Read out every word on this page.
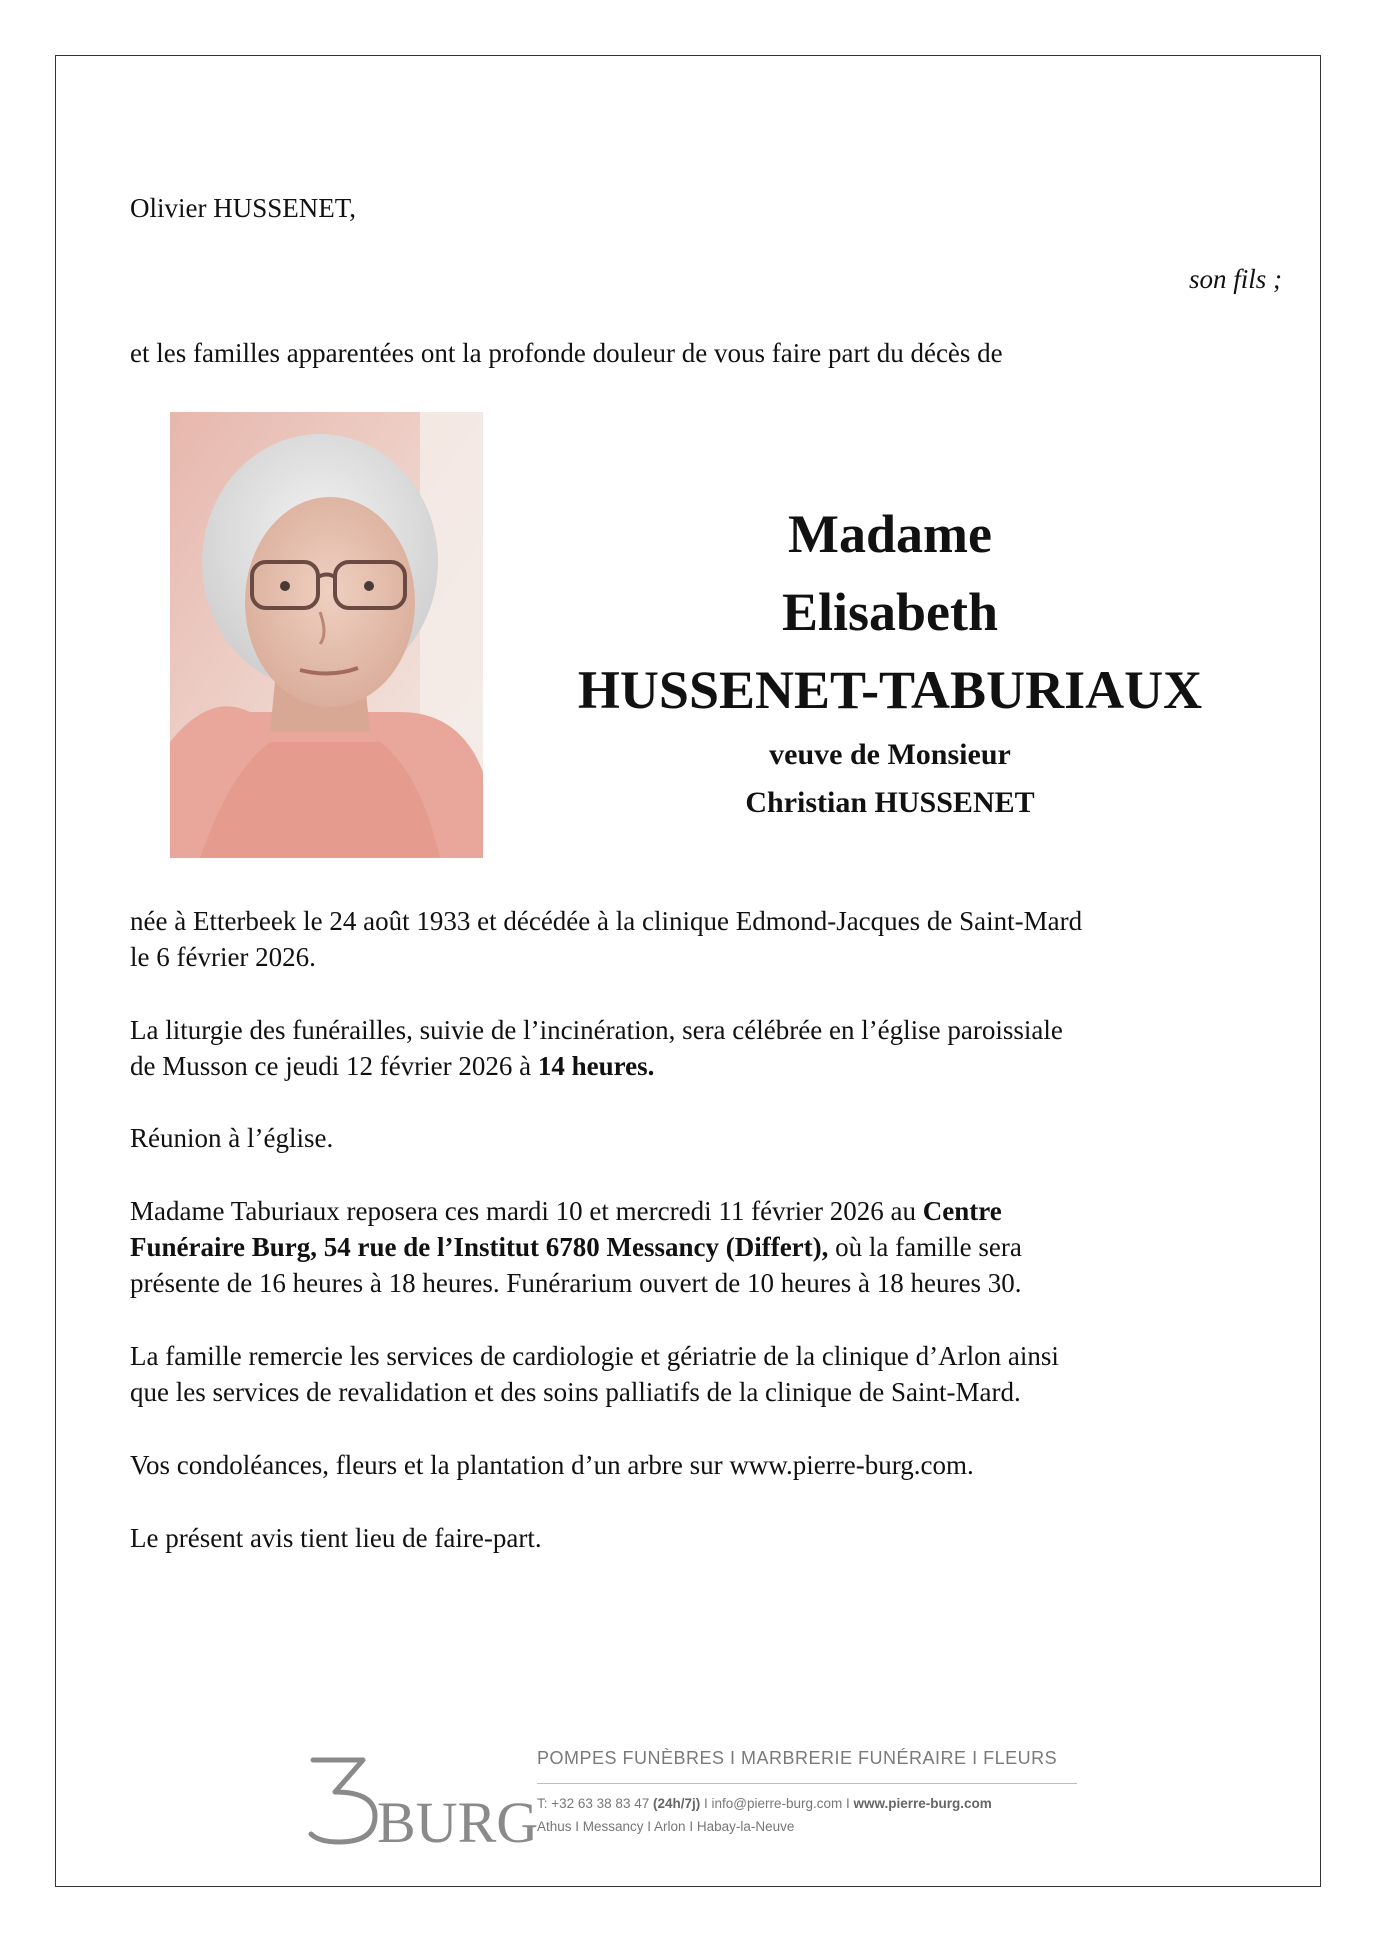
Olivier HUSSENET,

son fils ;

et les familles apparentées ont la profonde douleur de vous faire part du décès de

Madame
Elisabeth
HUSSENET-TABURIAUX
veuve de Monsieur
Christian HUSSENET
née à Etterbeek le 24 août 1933 et décédée à la clinique Edmond-Jacques de Saint-Mard
le 6 février 2026.
La liturgie des funérailles, suivie de l’incinération, sera célébrée en l’église paroissiale
de Musson ce jeudi 12 février 2026 à 14 heures.
Réunion à l’église.
Madame Taburiaux reposera ces mardi 10 et mercredi 11 février 2026 au Centre
Funéraire Burg, 54 rue de l’Institut 6780 Messancy (Differt), où la famille sera
présente de 16 heures à 18 heures. Funérarium ouvert de 10 heures à 18 heures 30.
La famille remercie les services de cardiologie et gériatrie de la clinique d’Arlon ainsi
que les services de revalidation et des soins palliatifs de la clinique de Saint-Mard.
Vos condoléances, fleurs et la plantation d’un arbre sur www.pierre-burg.com.
Le présent avis tient lieu de faire-part.
BURG
POMPES FUNÈBRES I MARBRERIE FUNÉRAIRE I FLEURS
T: +32 63 38 83 47 (24h/7j) I info@pierre-burg.com I www.pierre-burg.com
Athus I Messancy I Arlon I Habay-la-Neuve
